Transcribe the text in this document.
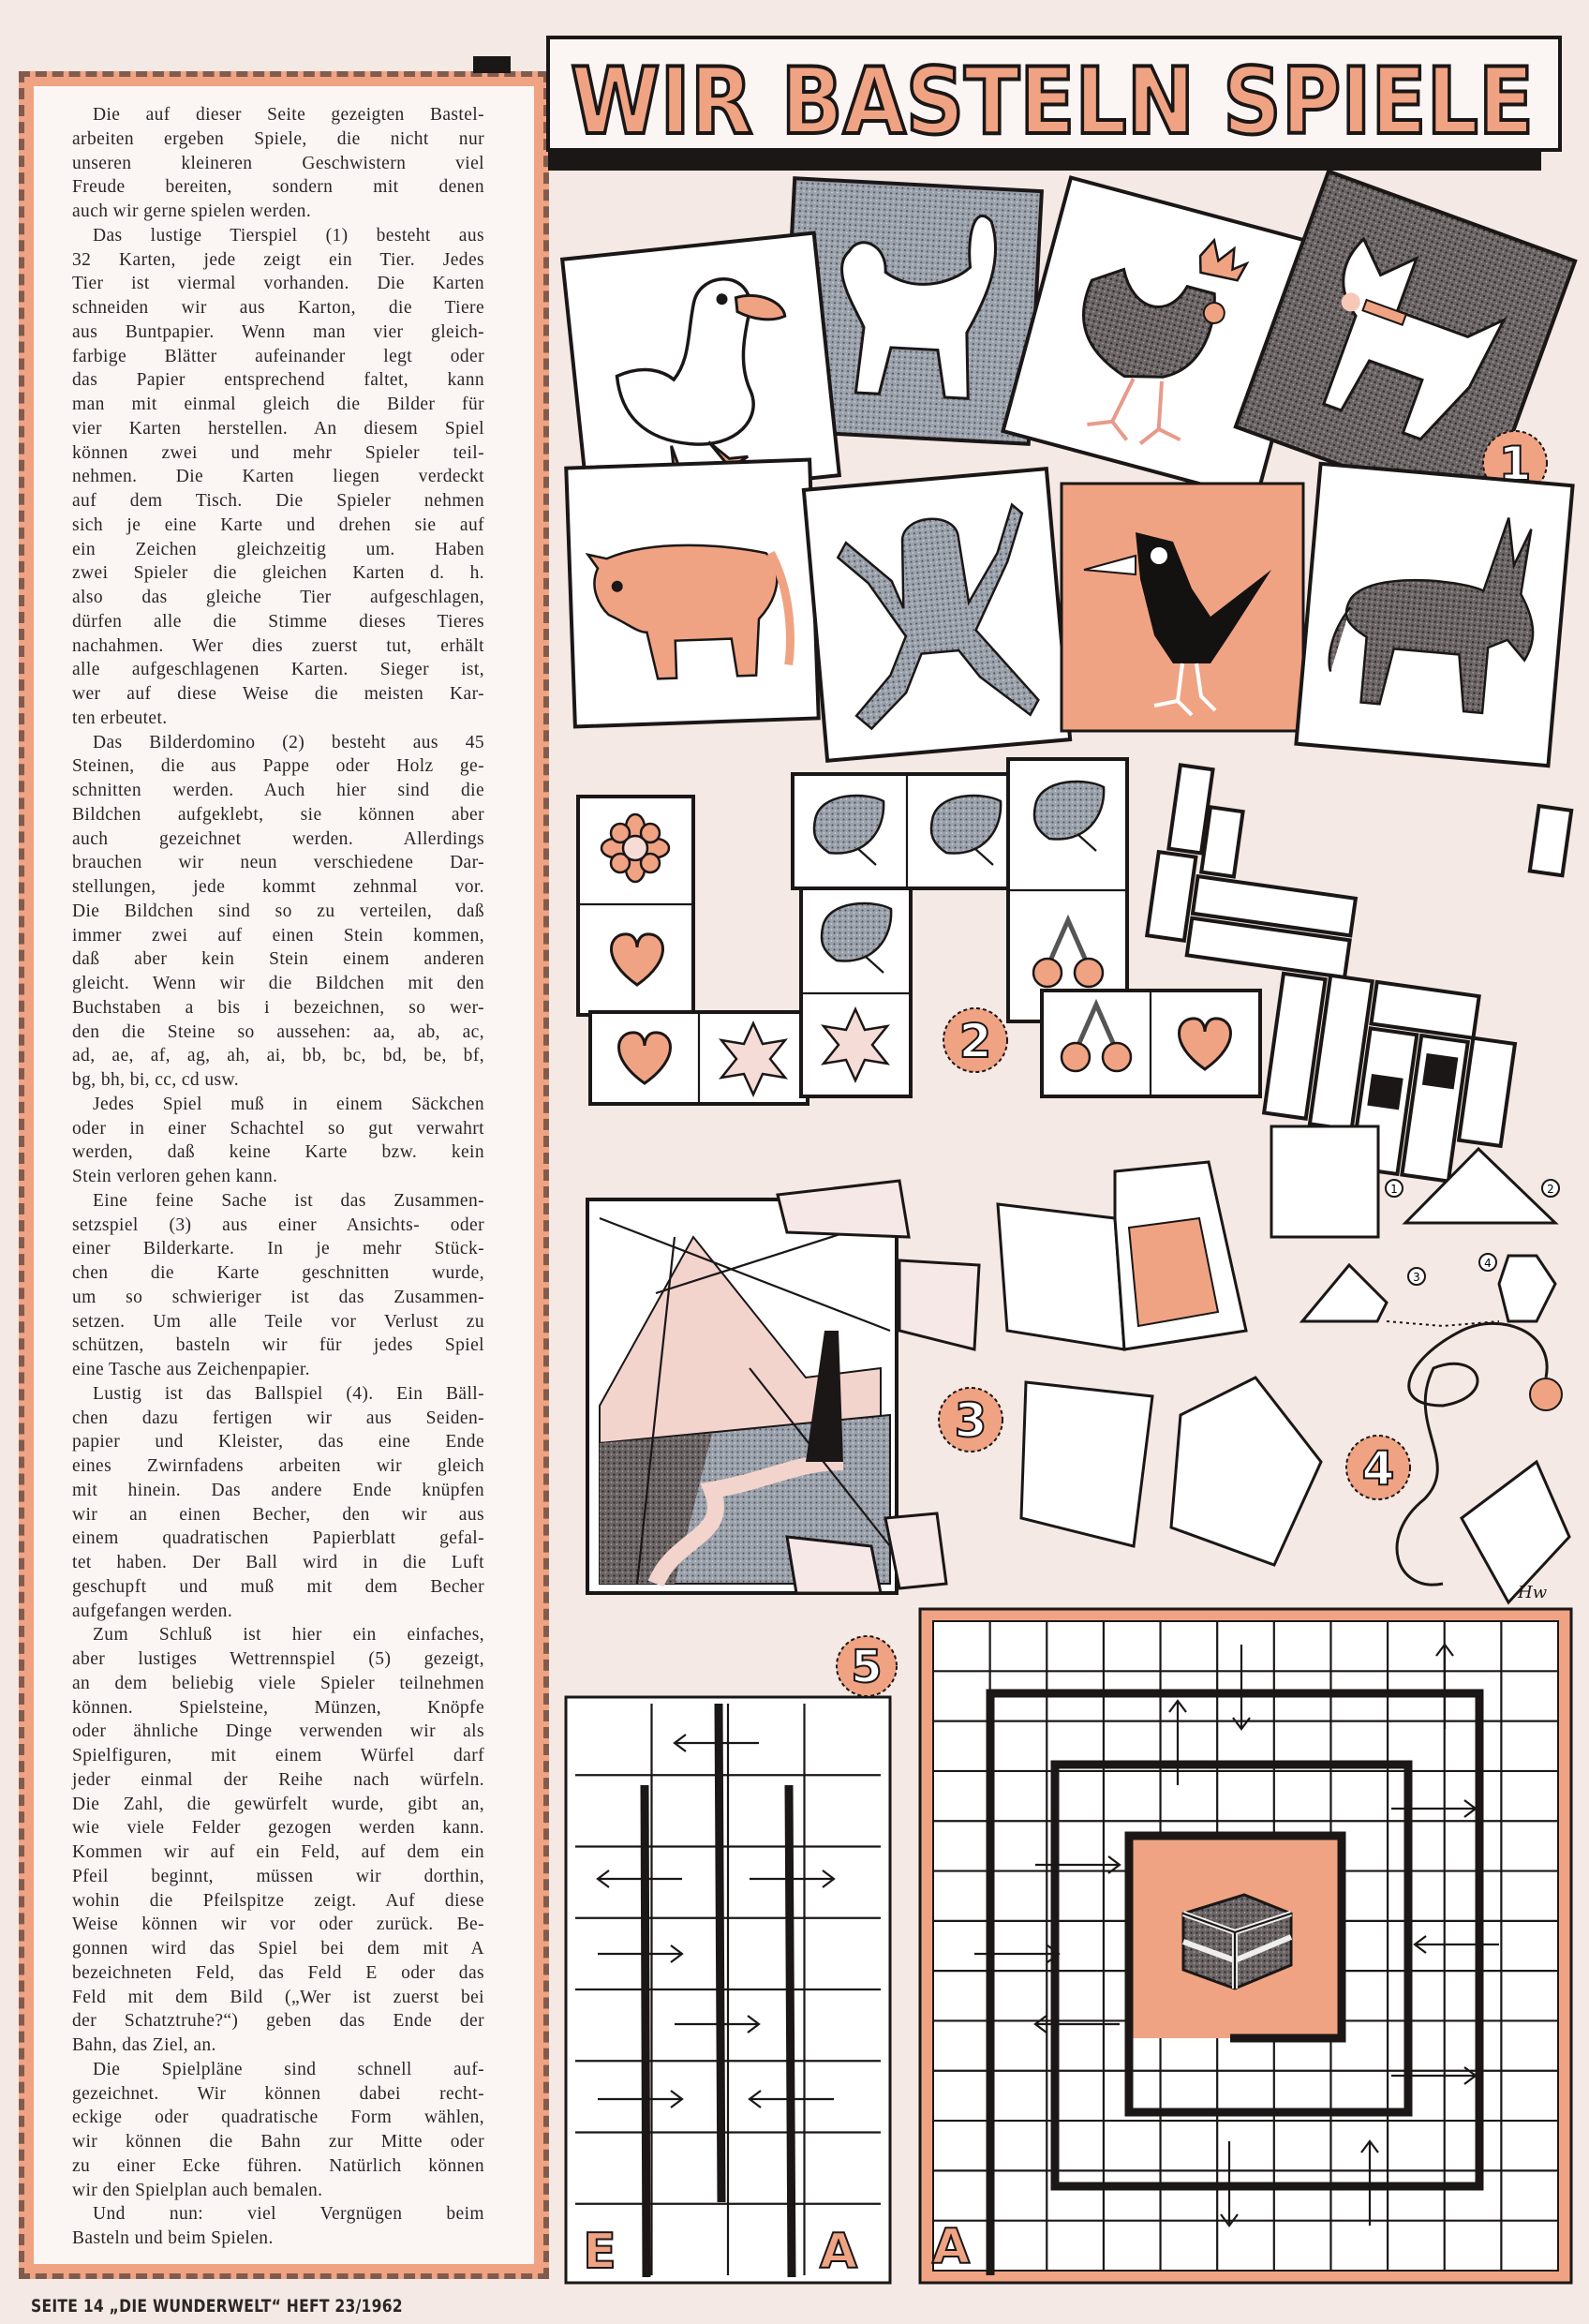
Die auf dieser Seite gezeigten Bastel-
arbeiten ergeben Spiele, die nicht nur
unseren kleineren Geschwistern viel
Freude bereiten, sondern mit denen
auch wir gerne spielen werden.
Das lustige Tierspiel (1) besteht aus
32 Karten, jede zeigt ein Tier. Jedes
Tier ist viermal vorhanden. Die Karten
schneiden wir aus Karton, die Tiere
aus Buntpapier. Wenn man vier gleich-
farbige Blätter aufeinander legt oder
das Papier entsprechend faltet, kann
man mit einmal gleich die Bilder für
vier Karten herstellen. An diesem Spiel
können zwei und mehr Spieler teil-
nehmen. Die Karten liegen verdeckt
auf dem Tisch. Die Spieler nehmen
sich je eine Karte und drehen sie auf
ein Zeichen gleichzeitig um. Haben
zwei Spieler die gleichen Karten d. h.
also das gleiche Tier aufgeschlagen,
dürfen alle die Stimme dieses Tieres
nachahmen. Wer dies zuerst tut, erhält
alle aufgeschlagenen Karten. Sieger ist,
wer auf diese Weise die meisten Kar-
ten erbeutet.
Das Bilderdomino (2) besteht aus 45
Steinen, die aus Pappe oder Holz ge-
schnitten werden. Auch hier sind die
Bildchen aufgeklebt, sie können aber
auch gezeichnet werden. Allerdings
brauchen wir neun verschiedene Dar-
stellungen, jede kommt zehnmal vor.
Die Bildchen sind so zu verteilen, daß
immer zwei auf einen Stein kommen,
daß aber kein Stein einem anderen
gleicht. Wenn wir die Bildchen mit den
Buchstaben a bis i bezeichnen, so wer-
den die Steine so aussehen: aa, ab, ac,
ad, ae, af, ag, ah, ai, bb, bc, bd, be, bf,
bg, bh, bi, cc, cd usw.
Jedes Spiel muß in einem Säckchen
oder in einer Schachtel so gut verwahrt
werden, daß keine Karte bzw. kein
Stein verloren gehen kann.
Eine feine Sache ist das Zusammen-
setzspiel (3) aus einer Ansichts- oder
einer Bilderkarte. In je mehr Stück-
chen die Karte geschnitten wurde,
um so schwieriger ist das Zusammen-
setzen. Um alle Teile vor Verlust zu
schützen, basteln wir für jedes Spiel
eine Tasche aus Zeichenpapier.
Lustig ist das Ballspiel (4). Ein Bäll-
chen dazu fertigen wir aus Seiden-
papier und Kleister, das eine Ende
eines Zwirnfadens arbeiten wir gleich
mit hinein. Das andere Ende knüpfen
wir an einen Becher, den wir aus
einem quadratischen Papierblatt gefal-
tet haben. Der Ball wird in die Luft
geschupft und muß mit dem Becher
aufgefangen werden.
Zum Schluß ist hier ein einfaches,
aber lustiges Wettrennspiel (5) gezeigt,
an dem beliebig viele Spieler teilnehmen
können. Spielsteine, Münzen, Knöpfe
oder ähnliche Dinge verwenden wir als
Spielfiguren, mit einem Würfel darf
jeder einmal der Reihe nach würfeln.
Die Zahl, die gewürfelt wurde, gibt an,
wie viele Felder gezogen werden kann.
Kommen wir auf ein Feld, auf dem ein
Pfeil beginnt, müssen wir dorthin,
wohin die Pfeilspitze zeigt. Auf diese
Weise können wir vor oder zurück. Be-
gonnen wird das Spiel bei dem mit A
bezeichneten Feld, das Feld E oder das
Feld mit dem Bild („Wer ist zuerst bei
der Schatztruhe?“) geben das Ende der
Bahn, das Ziel, an.
Die Spielpläne sind schnell auf-
gezeichnet. Wir können dabei recht-
eckige oder quadratische Form wählen,
wir können die Bahn zur Mitte oder
zu einer Ecke führen. Natürlich können
wir den Spielplan auch bemalen.
Und nun: viel Vergnügen beim
Basteln und beim Spielen.
SEITE 14 „DIE WUNDERWELT“ HEFT 23/1962
WIR BASTELN SPIELE
1
2
3
1	2
3
4
Hw
4
E	A
5
A
